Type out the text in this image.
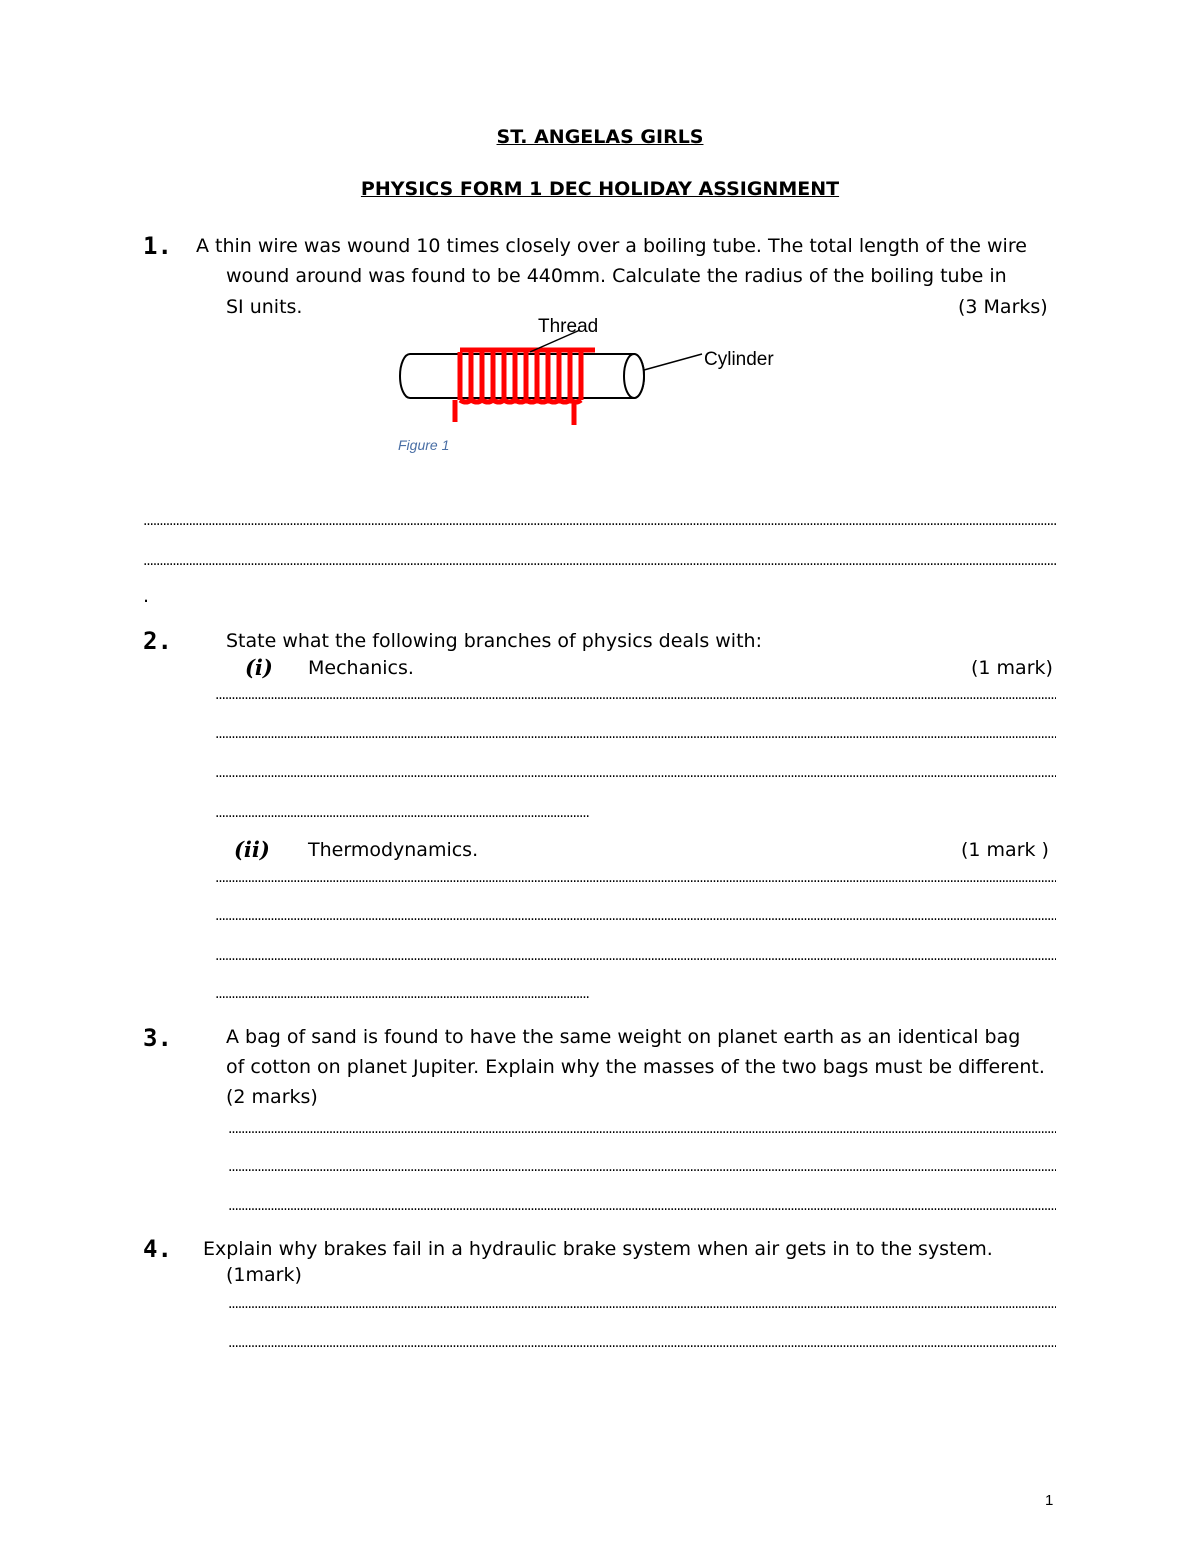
ST. ANGELAS GIRLS
PHYSICS FORM 1 DEC HOLIDAY ASSIGNMENT
1. A thin wire was wound 10 times closely over a boiling tube. The total length of the wire
wound around was found to be 440mm. Calculate the radius of the boiling tube in
SI units.	(3 Marks)
Thread
Cylinder
Figure 1
.....
.....
.
2.	State what the following branches of physics deals with:
(i) Mechanics.	(1 mark)
.....
.....
.....
.....
(ii) Thermodynamics.	(1 mark )
.....
.....
.....
.....
3.	A bag of sand is found to have the same weight on planet earth as an identical bag
of cotton on planet Jupiter. Explain why the masses of the two bags must be different.
(2 marks)
.....
.....
.....
4. Explain why brakes fail in a hydraulic brake system when air gets in to the system.
(1mark)
.....
.....
1
